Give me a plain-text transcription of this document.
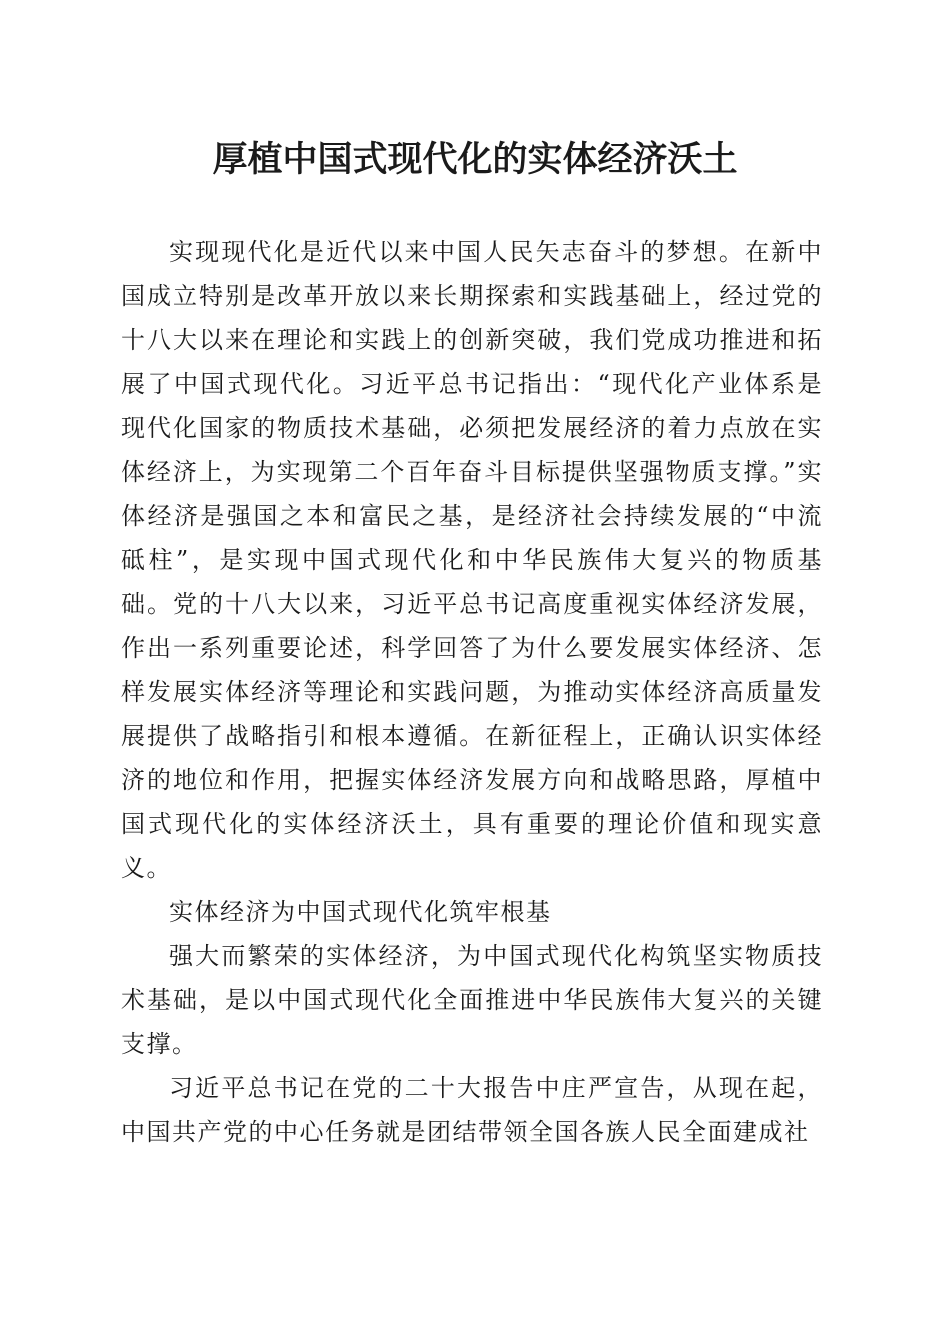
厚植中国式现代化的实体经济沃土

实现现代化是近代以来中国人民矢志奋斗的梦想。在新中国成立特别是改革开放以来长期探索和实践基础上，经过党的十八大以来在理论和实践上的创新突破，我们党成功推进和拓展了中国式现代化。习近平总书记指出：“现代化产业体系是现代化国家的物质技术基础，必须把发展经济的着力点放在实体经济上，为实现第二个百年奋斗目标提供坚强物质支撑。”实体经济是强国之本和富民之基，是经济社会持续发展的“中流砥柱”，是实现中国式现代化和中华民族伟大复兴的物质基础。党的十八大以来，习近平总书记高度重视实体经济发展，作出一系列重要论述，科学回答了为什么要发展实体经济、怎样发展实体经济等理论和实践问题，为推动实体经济高质量发展提供了战略指引和根本遵循。在新征程上，正确认识实体经济的地位和作用，把握实体经济发展方向和战略思路，厚植中国式现代化的实体经济沃土，具有重要的理论价值和现实意义。

实体经济为中国式现代化筑牢根基

强大而繁荣的实体经济，为中国式现代化构筑坚实物质技术基础，是以中国式现代化全面推进中华民族伟大复兴的关键支撑。

习近平总书记在党的二十大报告中庄严宣告，从现在起，中国共产党的中心任务就是团结带领全国各族人民全面建成社
